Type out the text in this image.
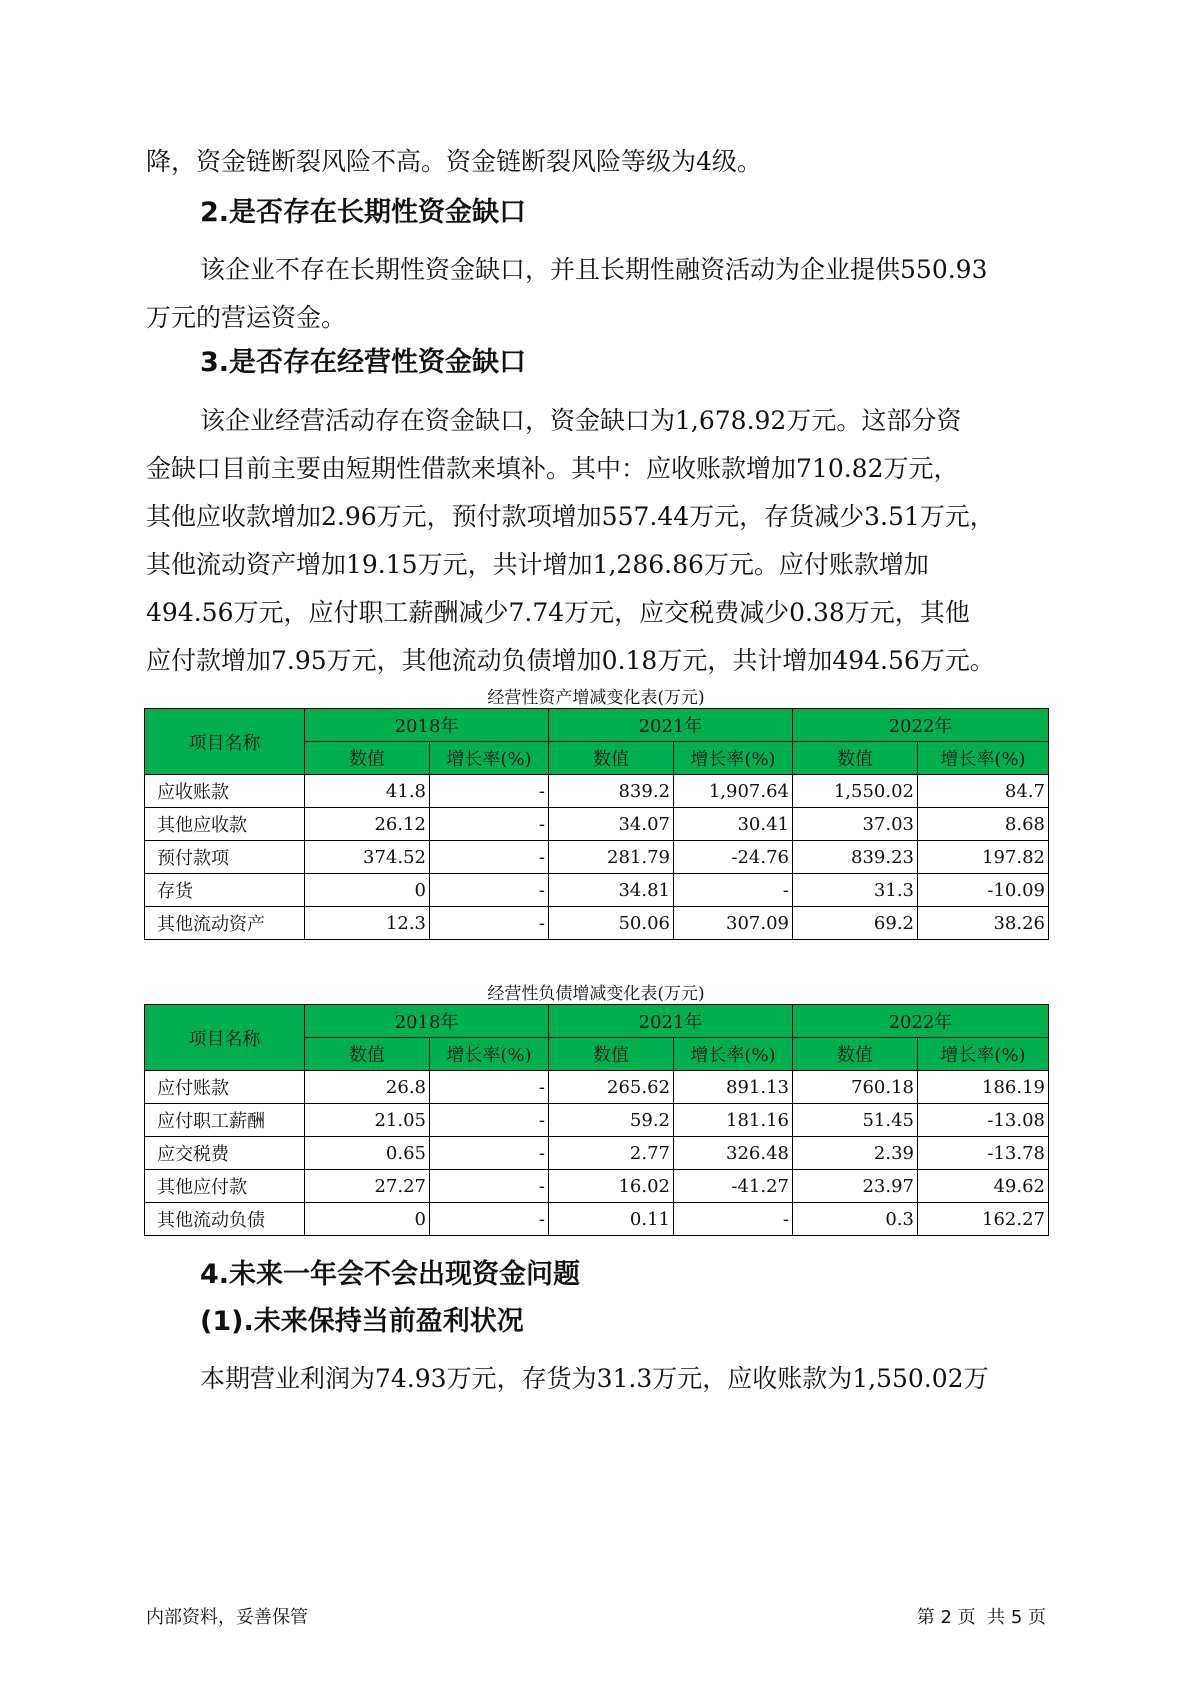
降，资金链断裂风险不高。资金链断裂风险等级为4级。
2.是否存在长期性资金缺口
该企业不存在长期性资金缺口，并且长期性融资活动为企业提供550.93
万元的营运资金。
3.是否存在经营性资金缺口
该企业经营活动存在资金缺口，资金缺口为1,678.92万元。这部分资
金缺口目前主要由短期性借款来填补。其中：应收账款增加710.82万元，
其他应收款增加2.96万元，预付款项增加557.44万元，存货减少3.51万元，
其他流动资产增加19.15万元，共计增加1,286.86万元。应付账款增加
494.56万元，应付职工薪酬减少7.74万元，应交税费减少0.38万元，其他
应付款增加7.95万元，其他流动负债增加0.18万元，共计增加494.56万元。

经营性资产增减变化表(万元)

项目名称	2018年		2021年		2022年	
	数值	增长率(%)	数值	增长率(%)	数值	增长率(%)
应收账款	41.8	-	839.2	1,907.64	1,550.02	84.7
其他应收款	26.12	-	34.07	30.41	37.03	8.68
预付款项	374.52	-	281.79	-24.76	839.23	197.82
存货	0	-	34.81	-	31.3	-10.09
其他流动资产	12.3	-	50.06	307.09	69.2	38.26

经营性负债增减变化表(万元)

项目名称	2018年		2021年		2022年	
	数值	增长率(%)	数值	增长率(%)	数值	增长率(%)
应付账款	26.8	-	265.62	891.13	760.18	186.19
应付职工薪酬	21.05	-	59.2	181.16	51.45	-13.08
应交税费	0.65	-	2.77	326.48	2.39	-13.78
其他应付款	27.27	-	16.02	-41.27	23.97	49.62
其他流动负债	0	-	0.11	-	0.3	162.27
4.未来一年会不会出现资金问题
(1).未来保持当前盈利状况
本期营业利润为74.93万元，存货为31.3万元，应收账款为1,550.02万

内部资料，妥善保管	第 2 页  共 5 页
